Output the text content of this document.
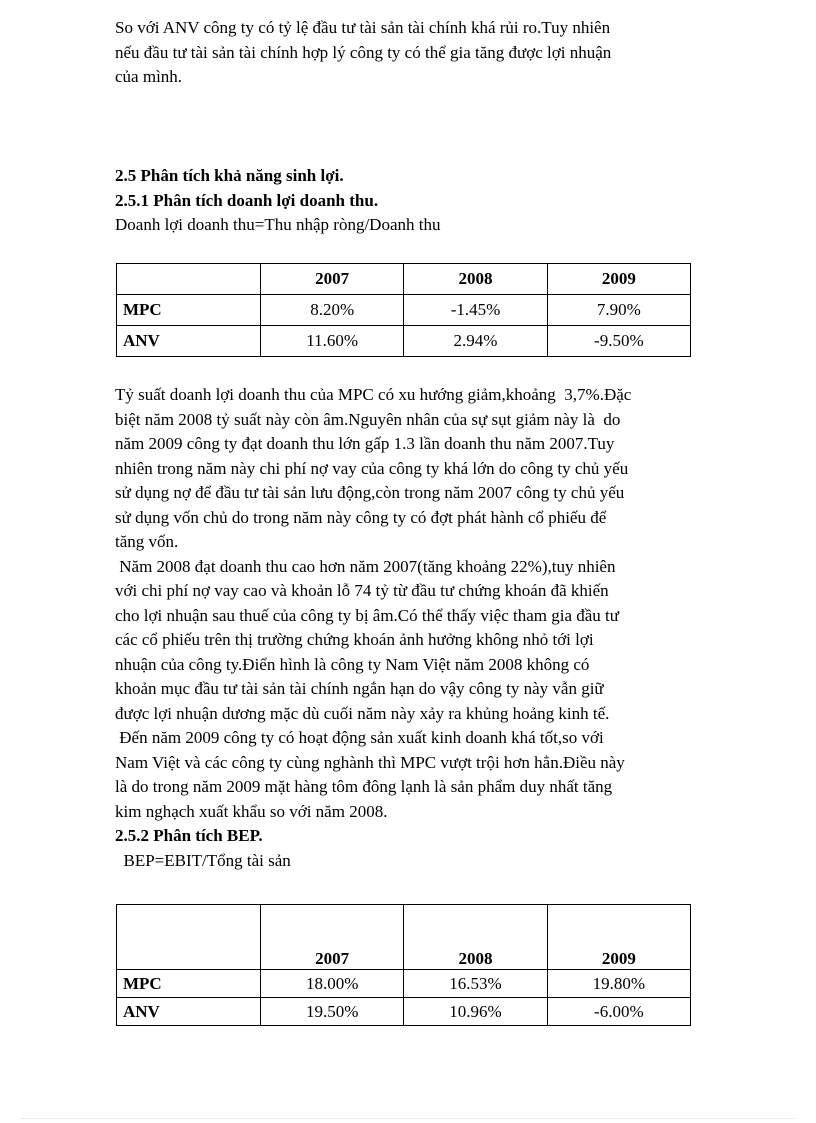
So với ANV công ty có tỷ lệ đầu tư tài sản tài chính khá rủi ro.Tuy nhiên

nếu đầu tư tài sản tài chính hợp lý công ty có thể gia tăng được lợi nhuận

của mình.

2.5 Phân tích khả năng sinh lợi.

2.5.1 Phân tích doanh lợi doanh thu.

Doanh lợi doanh thu=Thu nhập ròng/Doanh thu

Tỷ suất doanh lợi doanh thu của MPC có xu hướng giảm,khoảng  3,7%.Đặc

biệt năm 2008 tỷ suất này còn âm.Nguyên nhân của sự sụt giảm này là  do

năm 2009 công ty đạt doanh thu lớn gấp 1.3 lần doanh thu năm 2007.Tuy

nhiên trong năm này chi phí nợ vay của công ty khá lớn do công ty chủ yếu

sử dụng nợ để đầu tư tài sản lưu động,còn trong năm 2007 công ty chủ yếu

sử dụng vốn chủ do trong năm này công ty có đợt phát hành cổ phiếu để

tăng vốn.

Năm 2008 đạt doanh thu cao hơn năm 2007(tăng khoảng 22%),tuy nhiên

với chi phí nợ vay cao và khoản lỗ 74 tỷ từ đầu tư chứng khoán đã khiến

cho lợi nhuận sau thuế của công ty bị âm.Có thể thấy việc tham gia đầu tư

các cổ phiếu trên thị trường chứng khoán ảnh hưởng không nhỏ tới lợi

nhuận của công ty.Điển hình là công ty Nam Việt năm 2008 không có

khoản mục đầu tư tài sản tài chính ngắn hạn do vậy công ty này vẫn giữ

được lợi nhuận dương mặc dù cuối năm này xảy ra khủng hoảng kinh tế.

Đến năm 2009 công ty có hoạt động sản xuất kinh doanh khá tốt,so với

Nam Việt và các công ty cùng nghành thì MPC vượt trội hơn hẳn.Điều này

là do trong năm 2009 mặt hàng tôm đông lạnh là sản phẩm duy nhất tăng

kim nghạch xuất khẩu so với năm 2008.

2.5.2 Phân tích BEP.

BEP=EBIT/Tổng tài sản

	2007	2008	2009
MPC	8.20%	-1.45%	7.90%
ANV	11.60%	2.94%	-9.50%
	2007	2008	2009
MPC	18.00%	16.53%	19.80%
ANV	19.50%	10.96%	-6.00%
